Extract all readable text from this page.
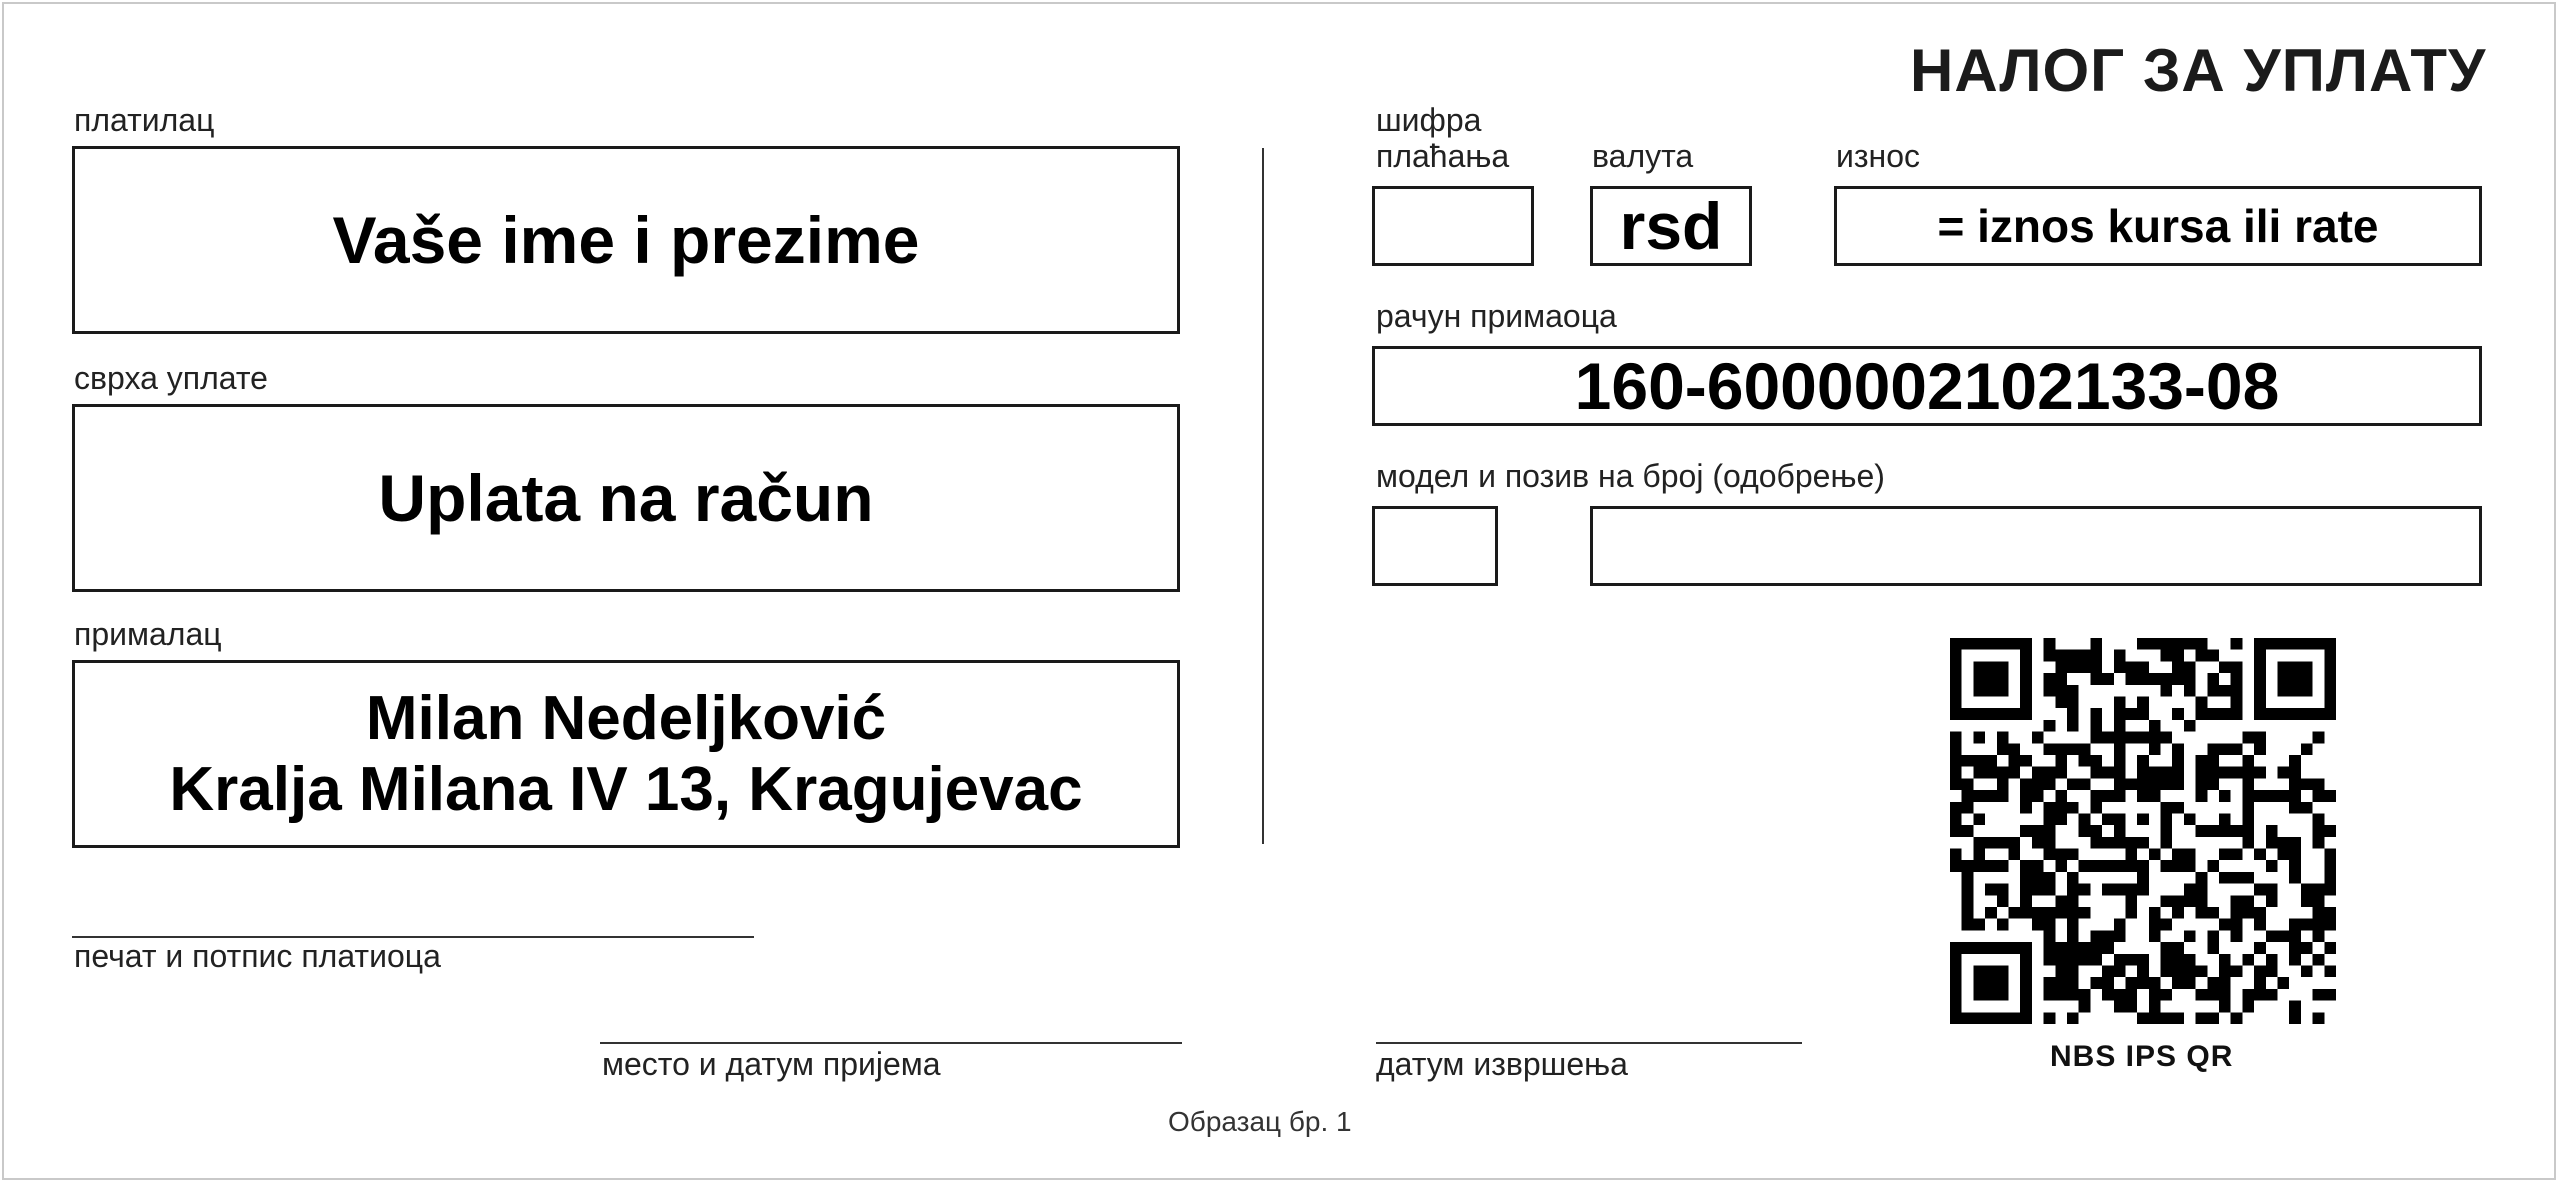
НАЛОГ ЗА УПЛАТУ
платилац
Vaše ime i prezime
сврха уплате
Uplata na račun
прималац
Milan Nedeljković
Kralja Milana IV 13, Kragujevac
печат и потпис платиоца
место и датум пријема
шифра
плаћања	валута
rsd
износ
= iznos kursa ili rate
рачун примаоца
160-6000002102133-08
модел и позив на број (одобрење)
датум извршења	NBS IPS QR
Образац бр. 1
